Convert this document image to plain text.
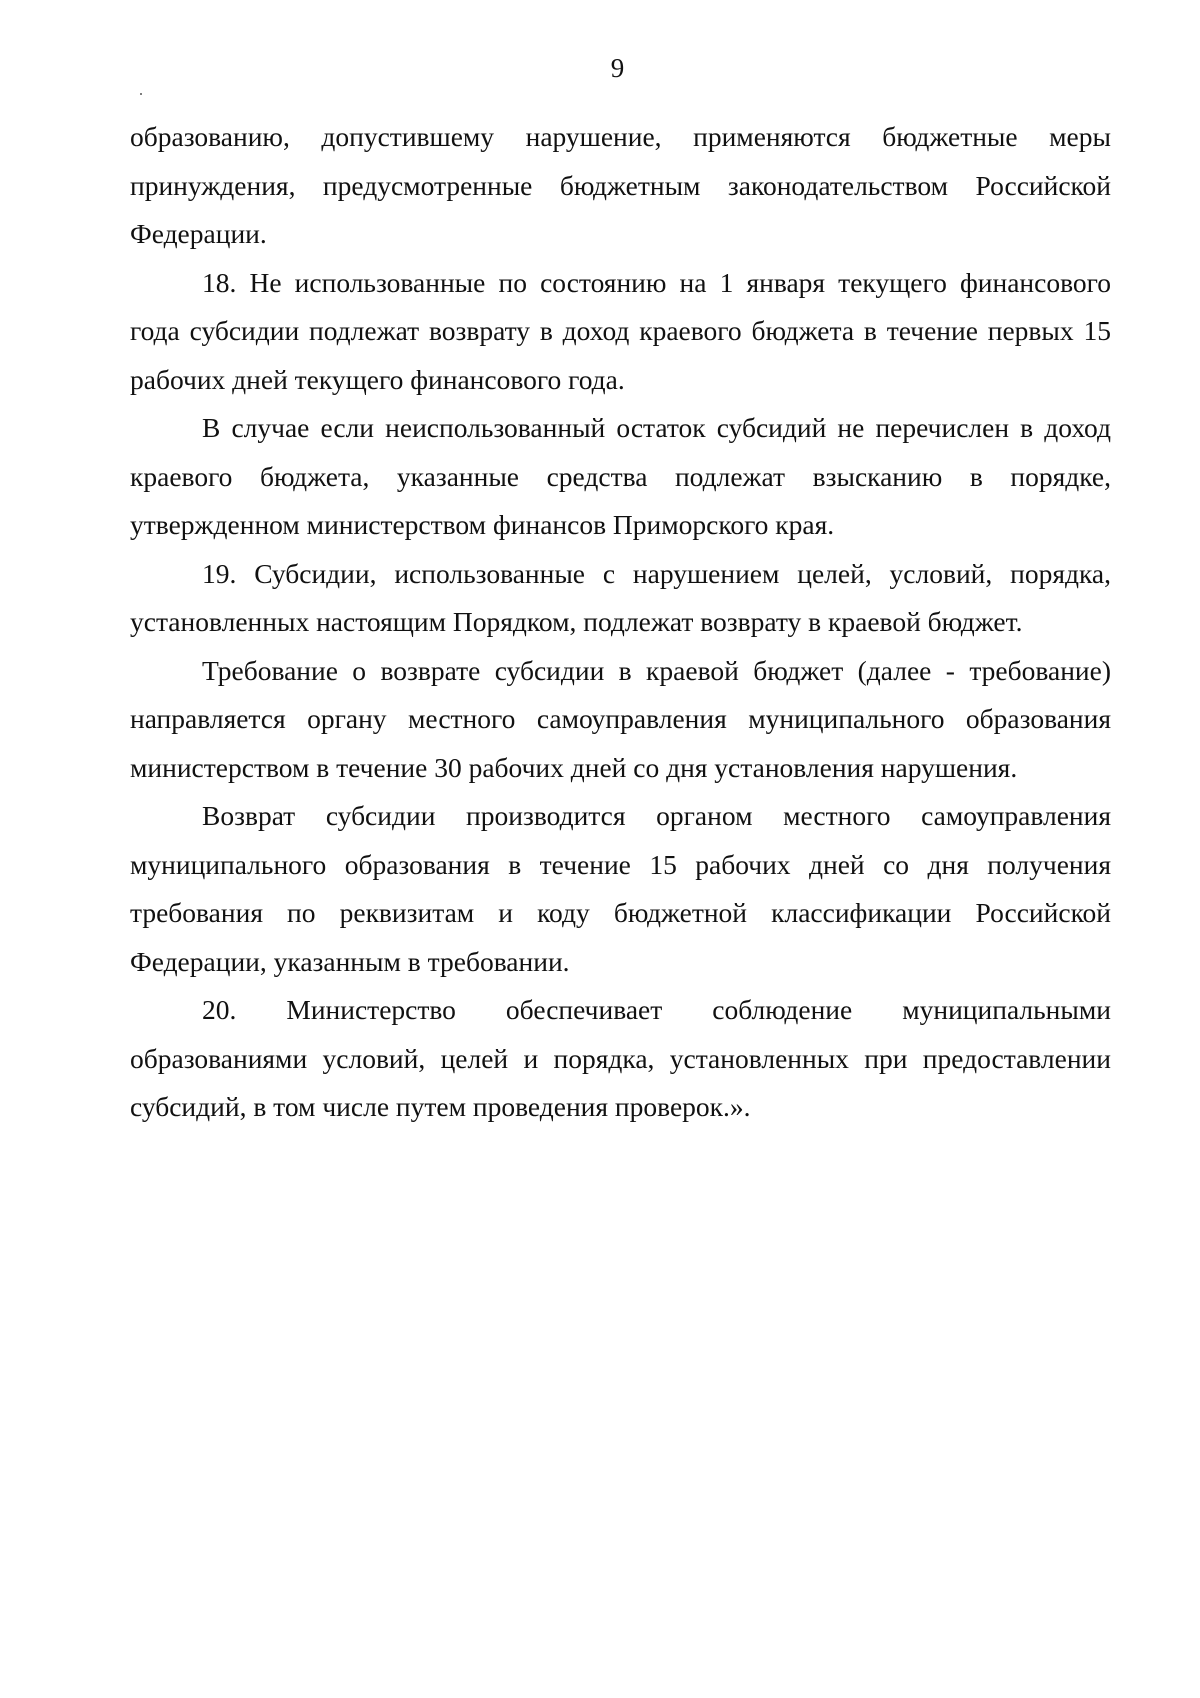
9

образованию, допустившему нарушение, применяются бюджетные меры принуждения, предусмотренные бюджетным законодательством Российской Федерации.

18. Не использованные по состоянию на 1 января текущего финансового года субсидии подлежат возврату в доход краевого бюджета в течение первых 15 рабочих дней текущего финансового года.

В случае если неиспользованный остаток субсидий не перечислен в доход краевого бюджета, указанные средства подлежат взысканию в порядке, утвержденном министерством финансов Приморского края.

19. Субсидии, использованные с нарушением целей, условий, порядка, установленных настоящим Порядком, подлежат возврату в краевой бюджет.

Требование о возврате субсидии в краевой бюджет (далее - требование) направляется органу местного самоуправления муниципального образования министерством в течение 30 рабочих дней со дня установления нарушения.

Возврат субсидии производится органом местного самоуправления муниципального образования в течение 15 рабочих дней со дня получения требования по реквизитам и коду бюджетной классификации Российской Федерации, указанным в требовании.

20. Министерство обеспечивает соблюдение муниципальными образованиями условий, целей и порядка, установленных при предоставлении субсидий, в том числе путем проведения проверок.».
